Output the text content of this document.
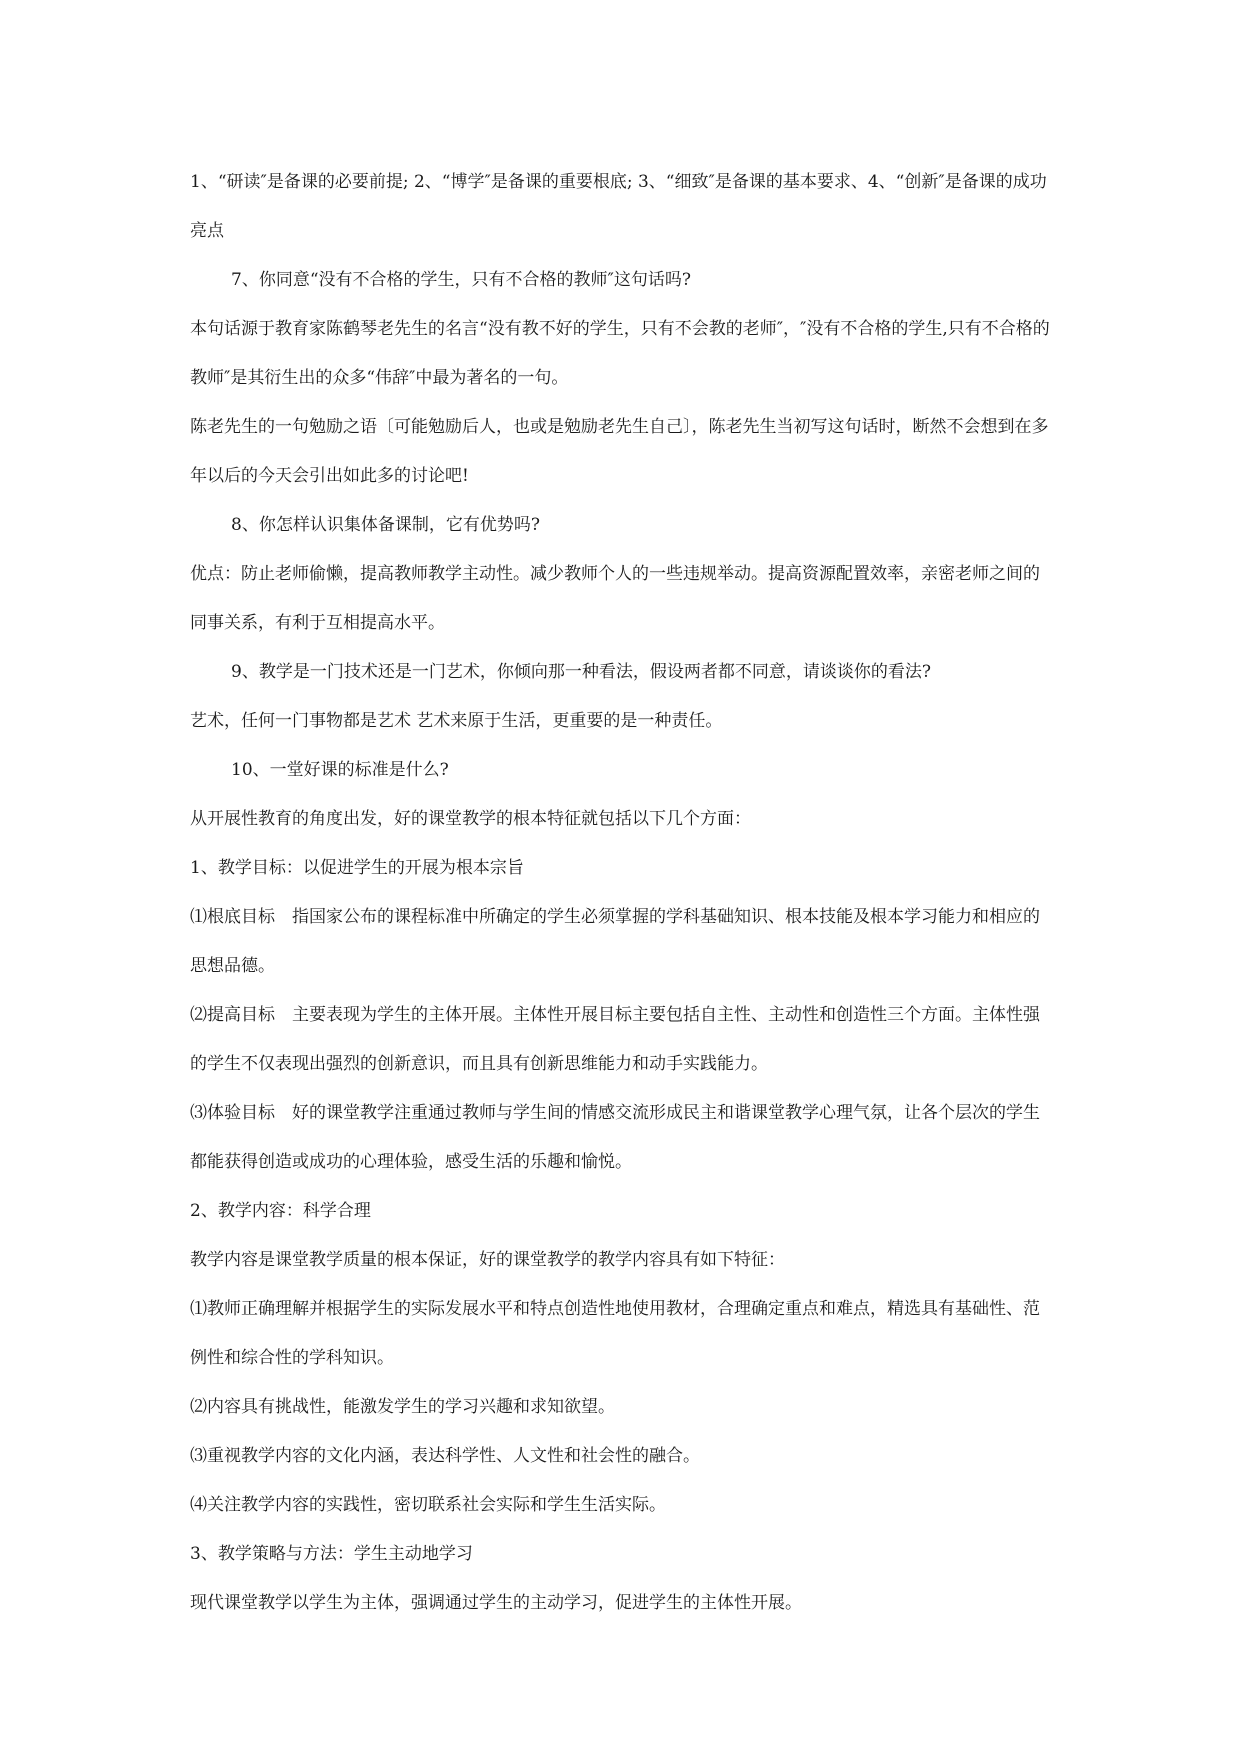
1、“研读″是备课的必要前提; 2、“博学″是备课的重要根底; 3、“细致″是备课的基本要求、4、“创新″是备课的成功亮点

7、你同意“没有不合格的学生，只有不合格的教师″这句话吗?

本句话源于教育家陈鹤琴老先生的名言“没有教不好的学生，只有不会教的老师″，″没有不合格的学生,只有不合格的教师″是其衍生出的众多“伟辞″中最为著名的一句。

陈老先生的一句勉励之语〔可能勉励后人，也或是勉励老先生自己〕，陈老先生当初写这句话时，断然不会想到在多年以后的今天会引出如此多的讨论吧!

8、你怎样认识集体备课制，它有优势吗?

优点：防止老师偷懒，提高教师教学主动性。减少教师个人的一些违规举动。提高资源配置效率，亲密老师之间的同事关系，有利于互相提高水平。

9、教学是一门技术还是一门艺术，你倾向那一种看法，假设两者都不同意，请谈谈你的看法?

艺术，任何一门事物都是艺术 艺术来原于生活，更重要的是一种责任。

10、一堂好课的标准是什么?

从开展性教育的角度出发，好的课堂教学的根本特征就包括以下几个方面：

1、教学目标：以促进学生的开展为根本宗旨

⑴根底目标　指国家公布的课程标准中所确定的学生必须掌握的学科基础知识、根本技能及根本学习能力和相应的思想品德。

⑵提高目标　主要表现为学生的主体开展。主体性开展目标主要包括自主性、主动性和创造性三个方面。主体性强的学生不仅表现出强烈的创新意识，而且具有创新思维能力和动手实践能力。

⑶体验目标　好的课堂教学注重通过教师与学生间的情感交流形成民主和谐课堂教学心理气氛，让各个层次的学生都能获得创造或成功的心理体验，感受生活的乐趣和愉悦。

2、教学内容：科学合理

教学内容是课堂教学质量的根本保证，好的课堂教学的教学内容具有如下特征：

⑴教师正确理解并根据学生的实际发展水平和特点创造性地使用教材，合理确定重点和难点，精选具有基础性、范例性和综合性的学科知识。

⑵内容具有挑战性，能激发学生的学习兴趣和求知欲望。

⑶重视教学内容的文化内涵，表达科学性、人文性和社会性的融合。

⑷关注教学内容的实践性，密切联系社会实际和学生生活实际。

3、教学策略与方法：学生主动地学习

现代课堂教学以学生为主体，强调通过学生的主动学习，促进学生的主体性开展。
